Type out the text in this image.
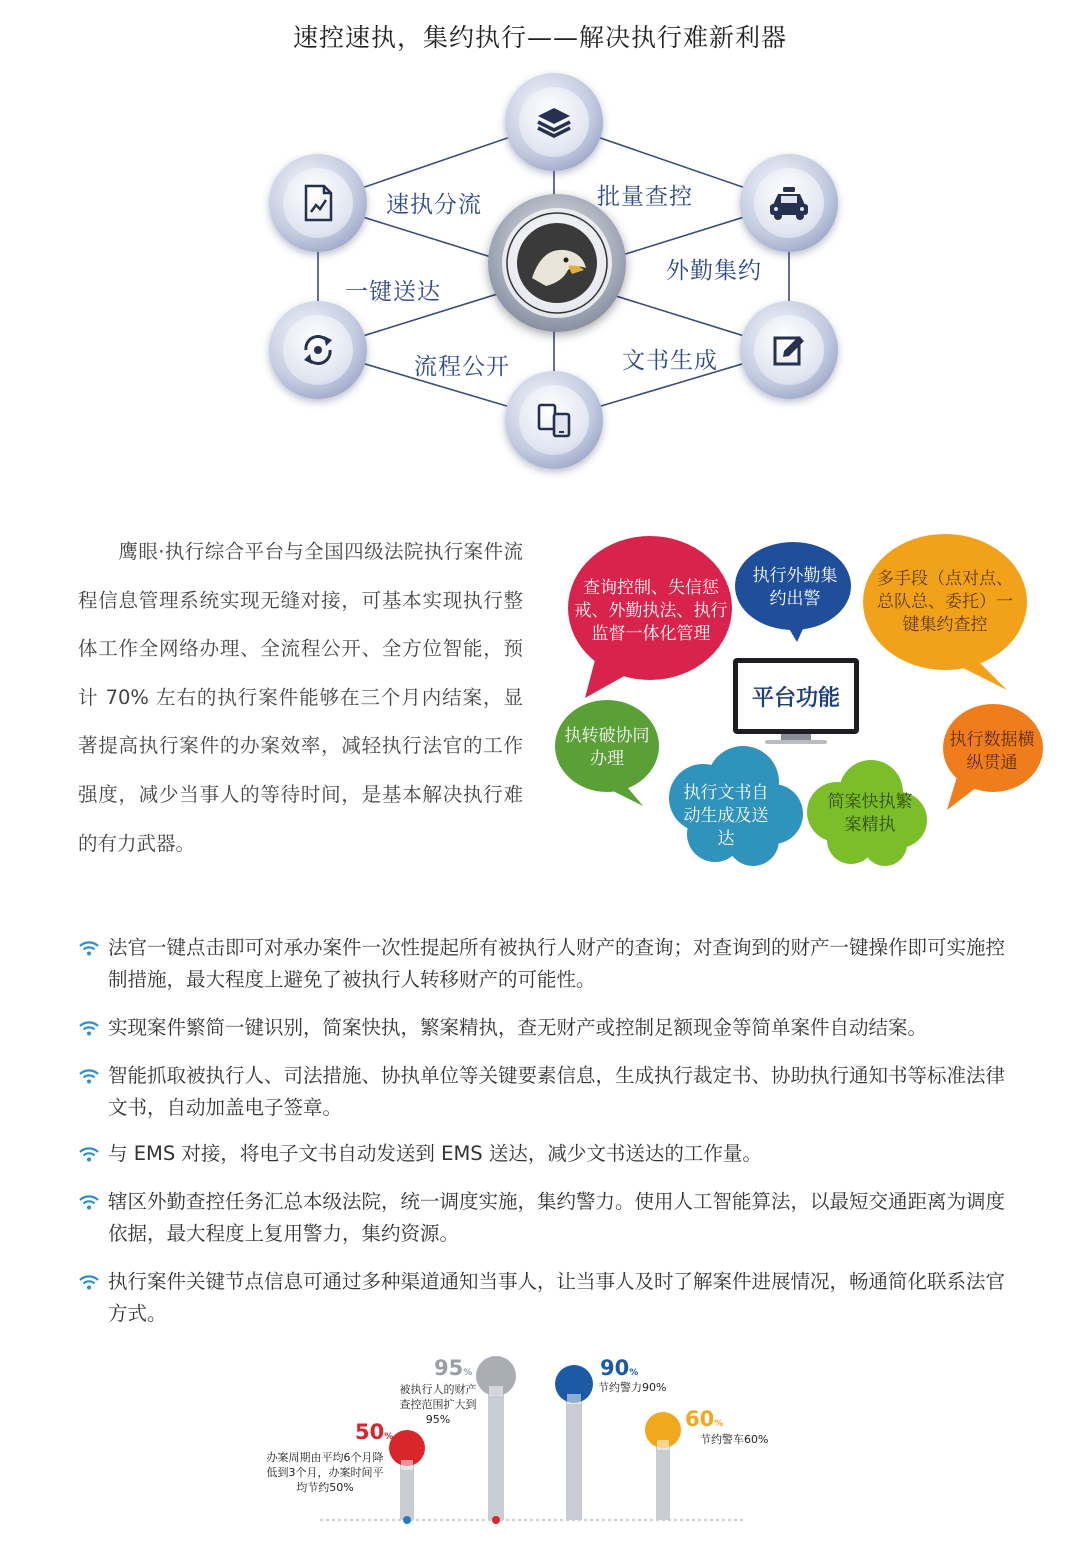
速控速执，集约执行——解决执行难新利器
速执分流	批量查控
外勤集约
一键送达
文书生成
流程公开
鹰眼·执行综合平台与全国四级法院执行案件流程信息管理系统实现无缝对接，可基本实现执行整体工作全网络办理、全流程公开、全方位智能，预计 70% 左右的执行案件能够在三个月内结案，显著提高执行案件的办案效率，减轻执行法官的工作强度，减少当事人的等待时间，是基本解决执行难的有力武器。
查询控制、失信惩戒、外勤执法、执行监督一体化管理
执行外勤集约出警
多手段（点对点、总队总、委托）一键集约查控
执转破协同办理
执行文书自动生成及送达
简案快执繁案精执
执行数据横纵贯通
平台功能
法官一键点击即可对承办案件一次性提起所有被执行人财产的查询；对查询到的财产一键操作即可实施控制措施，最大程度上避免了被执行人转移财产的可能性。
实现案件繁简一键识别，简案快执，繁案精执，查无财产或控制足额现金等简单案件自动结案。
智能抓取被执行人、司法措施、协执单位等关键要素信息，生成执行裁定书、协助执行通知书等标准法律文书，自动加盖电子签章。
与 EMS 对接，将电子文书自动发送到 EMS 送达，减少文书送达的工作量。
辖区外勤查控任务汇总本级法院，统一调度实施，集约警力。使用人工智能算法，以最短交通距离为调度依据，最大程度上复用警力，集约资源。
执行案件关键节点信息可通过多种渠道通知当事人，让当事人及时了解案件进展情况，畅通简化联系法官方式。
50%
办案周期由平均6个月降低到3个月，办案时间平均节约50%
95%
被执行人的财产查控范围扩大到95%
90%
节约警力90%
60%
节约警车60%
